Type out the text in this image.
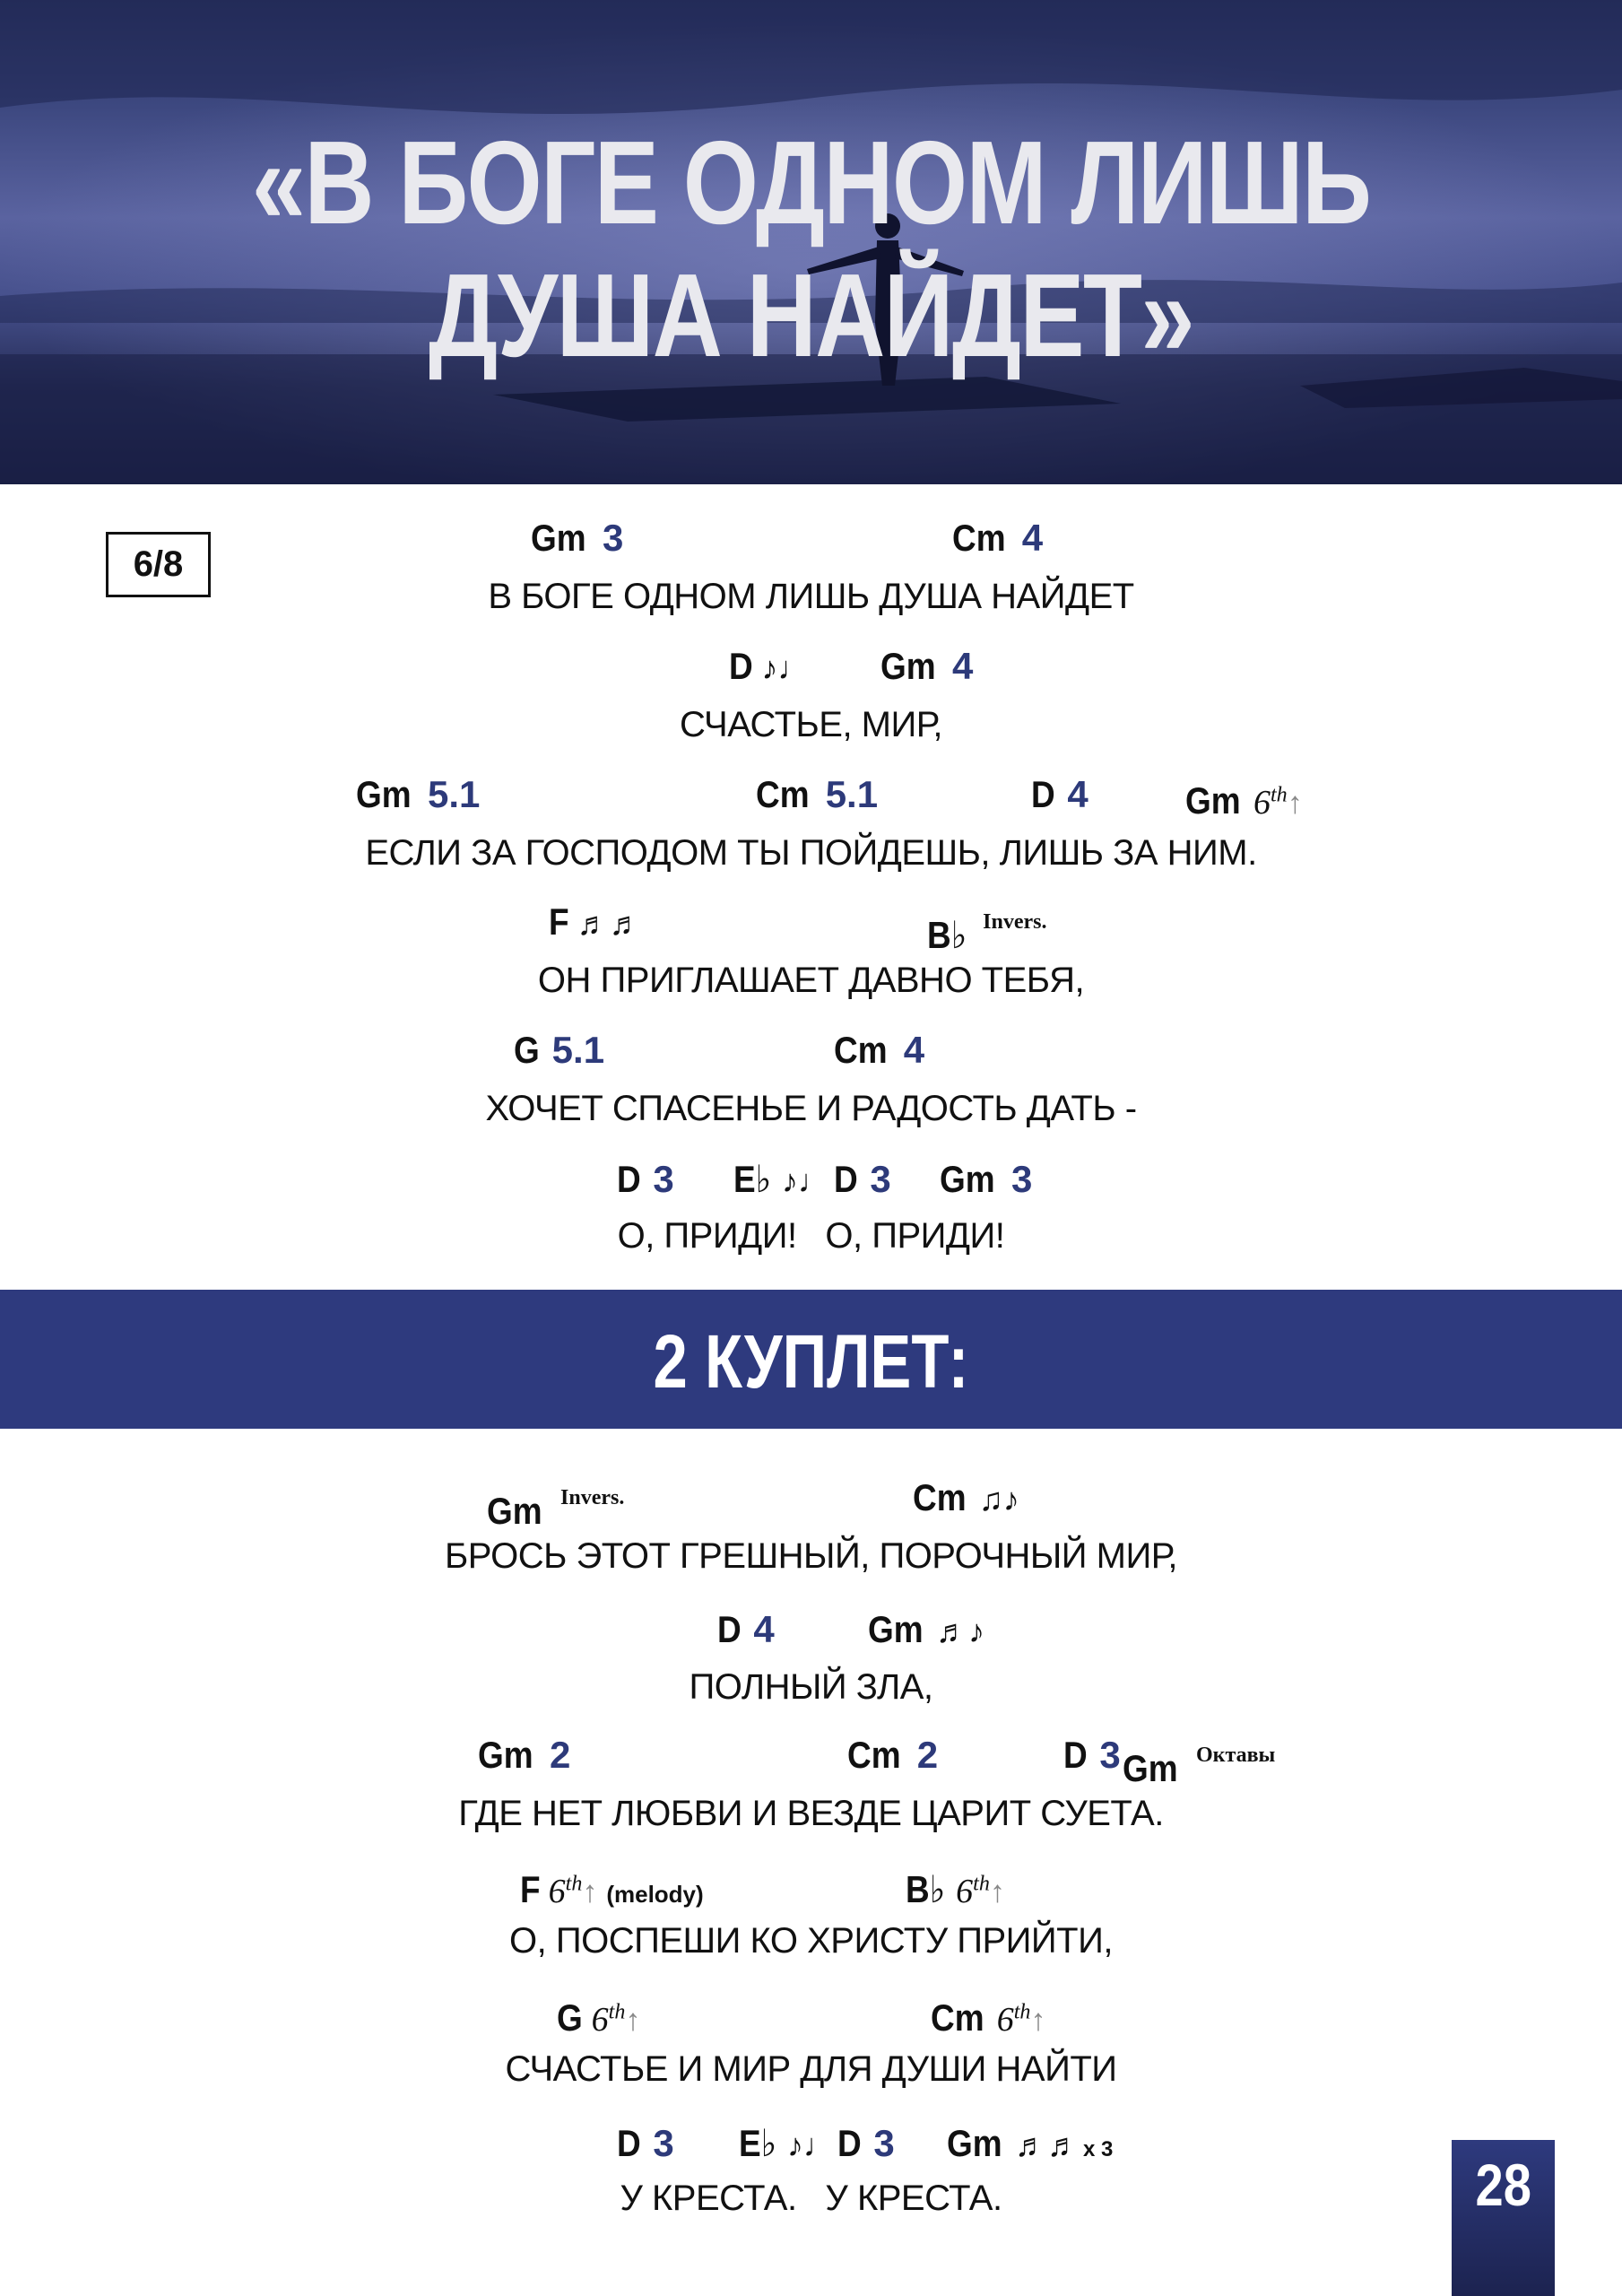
«В БОГЕ ОДНОМ ЛИШЬ
ДУША НАЙДЕТ»
6/8
Gm 3	Cm 4
В БОГЕ ОДНОМ ЛИШЬ ДУША НАЙДЕТ
D ♪♩ Gm 4
СЧАСТЬЕ, МИР,
Gm 5.1	Cm 5.1	D 4	Gm 6th↑
ЕСЛИ ЗА ГОСПОДОМ ТЫ ПОЙДЕШЬ, ЛИШЬ ЗА НИМ.
F ♬♬	B♭ $^{Invers.}$
ОН ПРИГЛАШАЕТ ДАВНО ТЕБЯ,
G 5.1	Cm 4
ХОЧЕТ СПАСЕНЬЕ И РАДОСТЬ ДАТЬ -
D 3 E♭ ♪♩ D 3 Gm 3
О, ПРИДИ!   О, ПРИДИ!
2 КУПЛЕТ:
Gm $^{Invers.}$	Cm ♫♪
БРОСЬ ЭТОТ ГРЕШНЫЙ, ПОРОЧНЫЙ МИР,
D 4 Gm ♬♪
ПОЛНЫЙ ЗЛА,
Gm 2	Cm 2	D 3 Gm $^{Октавы}$
ГДЕ НЕТ ЛЮБВИ И ВЕЗДЕ ЦАРИТ СУЕТА.
F 6th↑ (melody)	B♭ 6th↑
О, ПОСПЕШИ КО ХРИСТУ ПРИЙТИ,
G 6th↑	Cm 6th↑
СЧАСТЬЕ И МИР ДЛЯ ДУШИ НАЙТИ
D 3 E♭ ♪♩ D 3 Gm ♬♬ x 3
У КРЕСТА.   У КРЕСТА.	28
